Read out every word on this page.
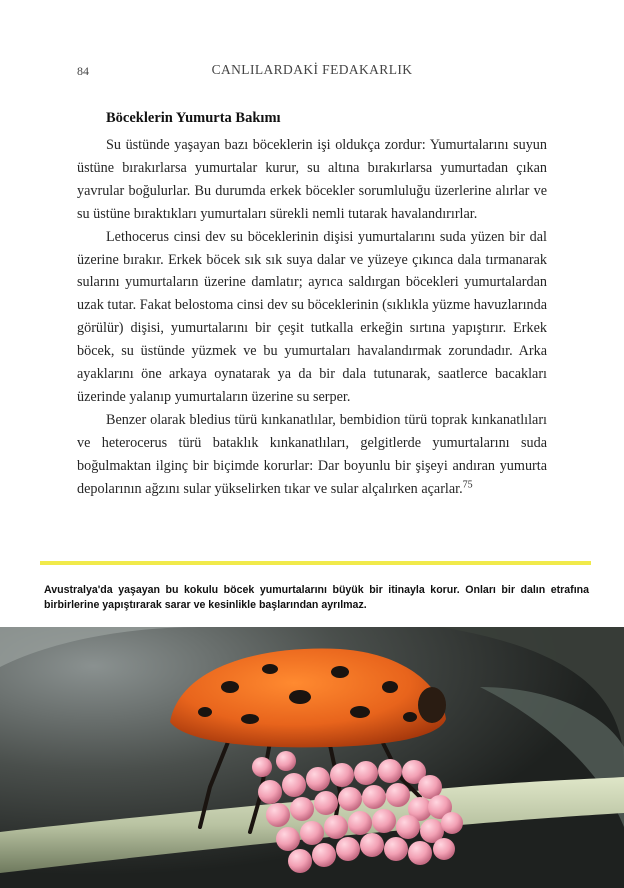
84	CANLILARDAKİ FEDAKARLIK
Böceklerin Yumurta Bakımı

Su üstünde yaşayan bazı böceklerin işi oldukça zordur: Yumurtalarını suyun üstüne bırakırlarsa yumurtalar kurur, su altına bırakırlarsa yumurtadan çıkan yavrular boğulurlar. Bu durumda erkek böcekler sorumluluğu üzerlerine alırlar ve su üstüne bıraktıkları yumurtaları sürekli nemli tutarak havalandırırlar.

Lethocerus cinsi dev su böceklerinin dişisi yumurtalarını suda yüzen bir dal üzerine bırakır. Erkek böcek sık sık suya dalar ve yüzeye çıkınca dala tırmanarak sularını yumurtaların üzerine damlatır; ayrıca saldırgan böcekleri yumurtalardan uzak tutar. Fakat belostoma cinsi dev su böceklerinin (sıklıkla yüzme havuzlarında görülür) dişisi, yumurtalarını bir çeşit tutkalla erkeğin sırtına yapıştırır. Erkek böcek, su üstünde yüzmek ve bu yumurtaları havalandırmak zorundadır. Arka ayaklarını öne arkaya oynatarak ya da bir dala tutunarak, saatlerce bacakları üzerinde yalanıp yumurtaların üzerine su serper.

Benzer olarak bledius türü kınkanatlılar, bembidion türü toprak kınkanatlıları ve heterocerus türü bataklık kınkanatlıları, gelgitlerde yumurtalarını suda boğulmaktan ilginç bir biçimde korurlar: Dar boyunlu bir şişeyi andıran yumurta depolarının ağzını sular yükselirken tıkar ve sular alçalırken açarlar.$^{75}$

Avustralya'da yaşayan bu kokulu böcek yumurtalarını büyük bir itinayla korur. Onları bir dalın etrafına birbirlerine yapıştırarak sarar ve kesinlikle başlarından ayrılmaz.
